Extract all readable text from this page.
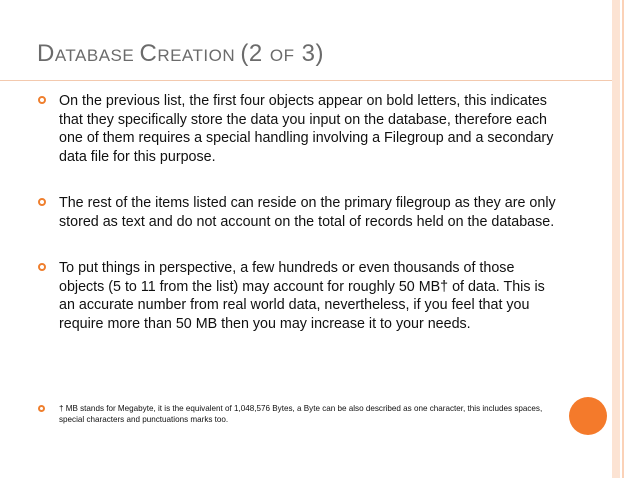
DATABASE CREATION (2 OF 3)
On the previous list, the first four objects appear on bold letters, this indicates that they specifically store the data you input on the database, therefore each one of them requires a special handling involving a Filegroup and a secondary data file for this purpose.
The rest of the items listed can reside on the primary filegroup as they are only stored as text and do not account on the total of records held on the database.
To put things in perspective, a few hundreds or even thousands of those objects (5 to 11 from the list) may account for roughly 50 MB† of data. This is an accurate number from real world data, nevertheless, if you feel that you require more than 50 MB then you may increase it to your needs.
† MB stands for Megabyte, it is the equivalent of 1,048,576 Bytes, a Byte can be also described as one character, this includes spaces, special characters and punctuations marks too.
